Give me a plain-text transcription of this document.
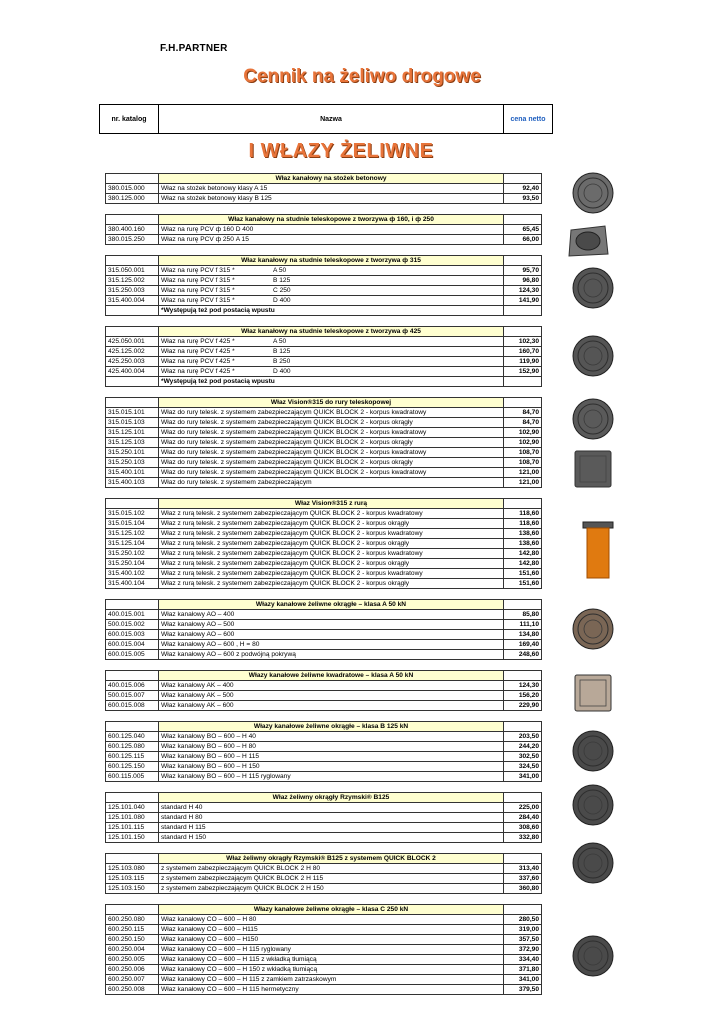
F.H.PARTNER
Cennik na żeliwo drogowe
nr. katalog	Nazwa	cena netto
I WŁAZY ŻELIWNE
	Właz kanałowy na stożek betonowy	
380.015.000	Właz na stożek betonowy klasy A 15	92,40
380.125.000	Właz na stożek betonowy klasy B 125	93,50
	Właz kanałowy na studnie teleskopowe z tworzywa ф 160, i ф 250	
380.400.160	Właz na rurę PCV ф 160 D 400	65,45
380.015.250	Właz na rurę PCV ф 250 A 15	66,00
	Właz kanałowy na studnie teleskopowe z tworzywa ф 315	
315.050.001	Właz na rurę PCV f 315 * A 50	95,70
315.125.002	Właz na rurę PCV f 315 * B 125	96,80
315.250.003	Właz na rurę PCV f 315 * C 250	124,30
315.400.004	Właz na rurę PCV f 315 * D 400	141,90
	*Występują też pod postacią wpustu	
	Właz kanałowy na studnie teleskopowe z tworzywa ф 425	
425.050.001	Właz na rurę PCV f 425 * A 50	102,30
425.125.002	Właz na rurę PCV f 425 * B 125	160,70
425.250.003	Właz na rurę PCV f 425 * B 250	119,90
425.400.004	Właz na rurę PCV f 425 * D 400	152,90
	*Występują też pod postacią wpustu	
	Właz Vision®315 do rury teleskopowej	
315.015.101	Właz do rury telesk. z systemem zabezpieczającym QUICK BLOCK 2 - korpus kwadratowy	84,70
315.015.103	Właz do rury telesk. z systemem zabezpieczającym QUICK BLOCK 2 - korpus okrągły	84,70
315.125.101	Właz do rury telesk. z systemem zabezpieczającym QUICK BLOCK 2 - korpus kwadratowy	102,90
315.125.103	Właz do rury telesk. z systemem zabezpieczającym QUICK BLOCK 2 - korpus okrągły	102,90
315.250.101	Właz do rury telesk. z systemem zabezpieczającym QUICK BLOCK 2 - korpus kwadratowy	108,70
315.250.103	Właz do rury telesk. z systemem zabezpieczającym QUICK BLOCK 2 - korpus okrągły	108,70
315.400.101	Właz do rury telesk. z systemem zabezpieczającym QUICK BLOCK 2 - korpus kwadratowy	121,00
315.400.103	Właz do rury telesk. z systemem zabezpieczającym	121,00
	Właz Vision®315 z rurą	
315.015.102	Właz z rurą telesk. z systemem zabezpieczającym QUICK BLOCK 2 - korpus kwadratowy	118,60
315.015.104	Właz z rurą telesk. z systemem zabezpieczającym QUICK BLOCK 2 - korpus okrągły	118,60
315.125.102	Właz z rurą telesk. z systemem zabezpieczającym QUICK BLOCK 2 - korpus kwadratowy	138,60
315.125.104	Właz z rurą telesk. z systemem zabezpieczającym QUICK BLOCK 2 - korpus okrągły	138,60
315.250.102	Właz z rurą telesk. z systemem zabezpieczającym QUICK BLOCK 2 - korpus kwadratowy	142,80
315.250.104	Właz z rurą telesk. z systemem zabezpieczającym QUICK BLOCK 2 - korpus okrągły	142,80
315.400.102	Właz z rurą telesk. z systemem zabezpieczającym QUICK BLOCK 2 - korpus kwadratowy	151,60
315.400.104	Właz z rurą telesk. z systemem zabezpieczającym QUICK BLOCK 2 - korpus okrągły	151,60
	Włazy kanałowe żeliwne okrągłe – klasa A 50 kN	
400.015.001	Właz kanałowy AO – 400	85,80
500.015.002	Właz kanałowy AO – 500	111,10
600.015.003	Właz kanałowy AO – 600	134,80
600.015.004	Właz kanałowy AO – 600 , H = 80	169,40
600.015.005	Właz kanałowy AO – 600 z podwójną pokrywą	248,60
	Włazy kanałowe żeliwne kwadratowe – klasa A 50 kN	
400.015.006	Właz kanałowy AK – 400	124,30
500.015.007	Właz kanałowy AK – 500	156,20
600.015.008	Właz kanałowy AK – 600	229,90
	Włazy kanałowe żeliwne okrągłe – klasa B 125 kN	
600.125.040	Właz kanałowy BO – 600 – H 40	203,50
600.125.080	Właz kanałowy BO – 600 – H 80	244,20
600.125.115	Właz kanałowy BO – 600 – H 115	302,50
600.125.150	Właz kanałowy BO – 600 – H 150	324,50
600.115.005	Właz kanałowy BO – 600 – H 115 ryglowany	341,00
	Właz żeliwny okrągły Rzymski® B125	
125.101.040	standard H 40	225,00
125.101.080	standard H 80	284,40
125.101.115	standard H 115	308,60
125.101.150	standard H 150	332,80
	Właz żeliwny okrągły Rzymski® B125 z systemem QUICK BLOCK 2	
125.103.080	z systemem zabezpieczającym QUICK BLOCK 2 H 80	313,40
125.103.115	z systemem zabezpieczającym QUICK BLOCK 2 H 115	337,60
125.103.150	z systemem zabezpieczającym QUICK BLOCK 2 H 150	360,80
	Włazy kanałowe żeliwne okrągłe – klasa C 250 kN	
600.250.080	Właz kanałowy CO – 600 – H 80	280,50
600.250.115	Właz kanałowy CO – 600 – H115	319,00
600.250.150	Właz kanałowy CO – 600 – H150	357,50
600.250.004	Właz kanałowy CO – 600 – H 115 ryglowany	372,90
600.250.005	Właz kanałowy CO – 600 – H 115 z wkładką tłumiącą	334,40
600.250.006	Właz kanałowy CO – 600 – H 150 z wkładką tłumiącą	371,80
600.250.007	Właz kanałowy CO – 600 – H 115 z zamkiem zatrzaskowym	341,00
600.250.008	Właz kanałowy CO – 600 – H 115 hermetyczny	379,50
